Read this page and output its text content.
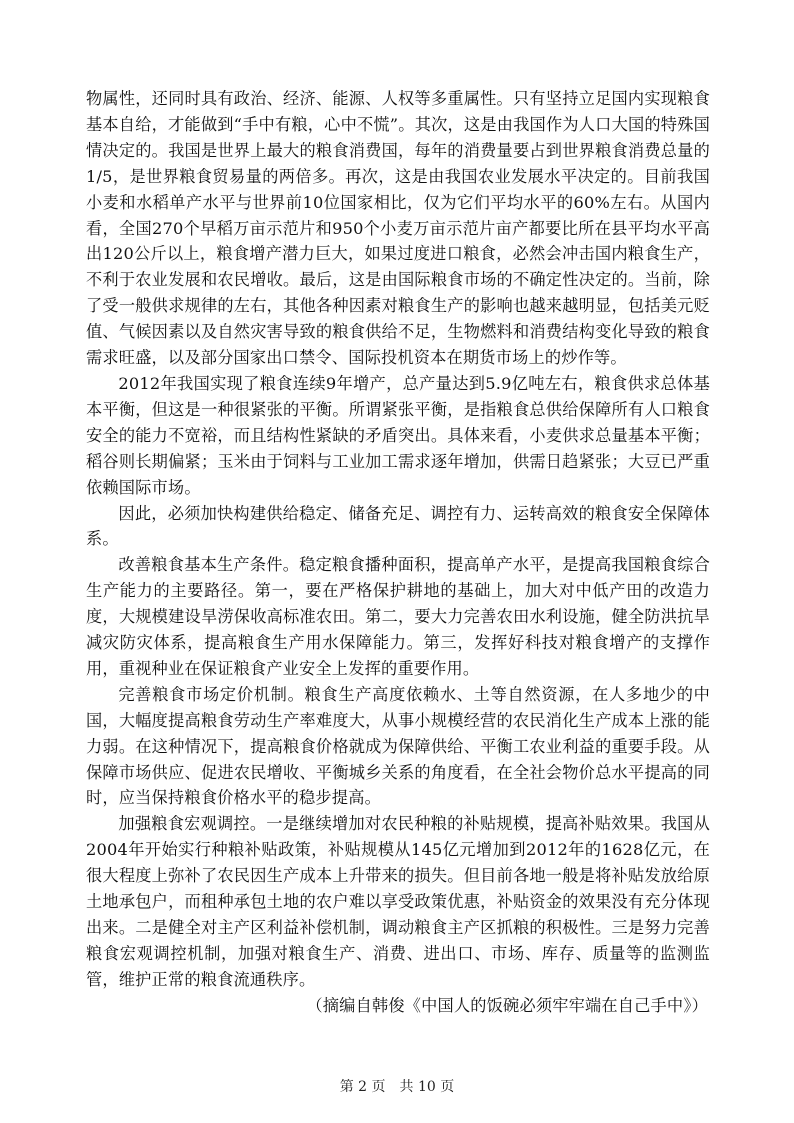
物属性，还同时具有政治、经济、能源、人权等多重属性。只有坚持立足国内实现粮食基本自给，才能做到“手中有粮，心中不慌”。其次，这是由我国作为人口大国的特殊国情决定的。我国是世界上最大的粮食消费国，每年的消费量要占到世界粮食消费总量的1/5，是世界粮食贸易量的两倍多。再次，这是由我国农业发展水平决定的。目前我国小麦和水稻单产水平与世界前10位国家相比，仅为它们平均水平的60%左右。从国内看，全国270个早稻万亩示范片和950个小麦万亩示范片亩产都要比所在县平均水平高出120公斤以上，粮食增产潜力巨大，如果过度进口粮食，必然会冲击国内粮食生产，不利于农业发展和农民增收。最后，这是由国际粮食市场的不确定性决定的。当前，除了受一般供求规律的左右，其他各种因素对粮食生产的影响也越来越明显，包括美元贬值、气候因素以及自然灾害导致的粮食供给不足，生物燃料和消费结构变化导致的粮食需求旺盛，以及部分国家出口禁令、国际投机资本在期货市场上的炒作等。

2012年我国实现了粮食连续9年增产，总产量达到5.9亿吨左右，粮食供求总体基本平衡，但这是一种很紧张的平衡。所谓紧张平衡，是指粮食总供给保障所有人口粮食安全的能力不宽裕，而且结构性紧缺的矛盾突出。具体来看，小麦供求总量基本平衡；稻谷则长期偏紧；玉米由于饲料与工业加工需求逐年增加，供需日趋紧张；大豆已严重依赖国际市场。

因此，必须加快构建供给稳定、储备充足、调控有力、运转高效的粮食安全保障体系。

改善粮食基本生产条件。稳定粮食播种面积，提高单产水平，是提高我国粮食综合生产能力的主要路径。第一，要在严格保护耕地的基础上，加大对中低产田的改造力度，大规模建设旱涝保收高标准农田。第二，要大力完善农田水利设施，健全防洪抗旱减灾防灾体系，提高粮食生产用水保障能力。第三，发挥好科技对粮食增产的支撑作用，重视种业在保证粮食产业安全上发挥的重要作用。

完善粮食市场定价机制。粮食生产高度依赖水、土等自然资源，在人多地少的中国，大幅度提高粮食劳动生产率难度大，从事小规模经营的农民消化生产成本上涨的能力弱。在这种情况下，提高粮食价格就成为保障供给、平衡工农业利益的重要手段。从保障市场供应、促进农民增收、平衡城乡关系的角度看，在全社会物价总水平提高的同时，应当保持粮食价格水平的稳步提高。

加强粮食宏观调控。一是继续增加对农民种粮的补贴规模，提高补贴效果。我国从2004年开始实行种粮补贴政策，补贴规模从145亿元增加到2012年的1628亿元，在很大程度上弥补了农民因生产成本上升带来的损失。但目前各地一般是将补贴发放给原土地承包户，而租种承包土地的农户难以享受政策优惠，补贴资金的效果没有充分体现出来。二是健全对主产区利益补偿机制，调动粮食主产区抓粮的积极性。三是努力完善粮食宏观调控机制，加强对粮食生产、消费、进出口、市场、库存、质量等的监测监管，维护正常的粮食流通秩序。

（摘编自韩俊《中国人的饭碗必须牢牢端在自己手中》）

第 2 页　共 10 页
